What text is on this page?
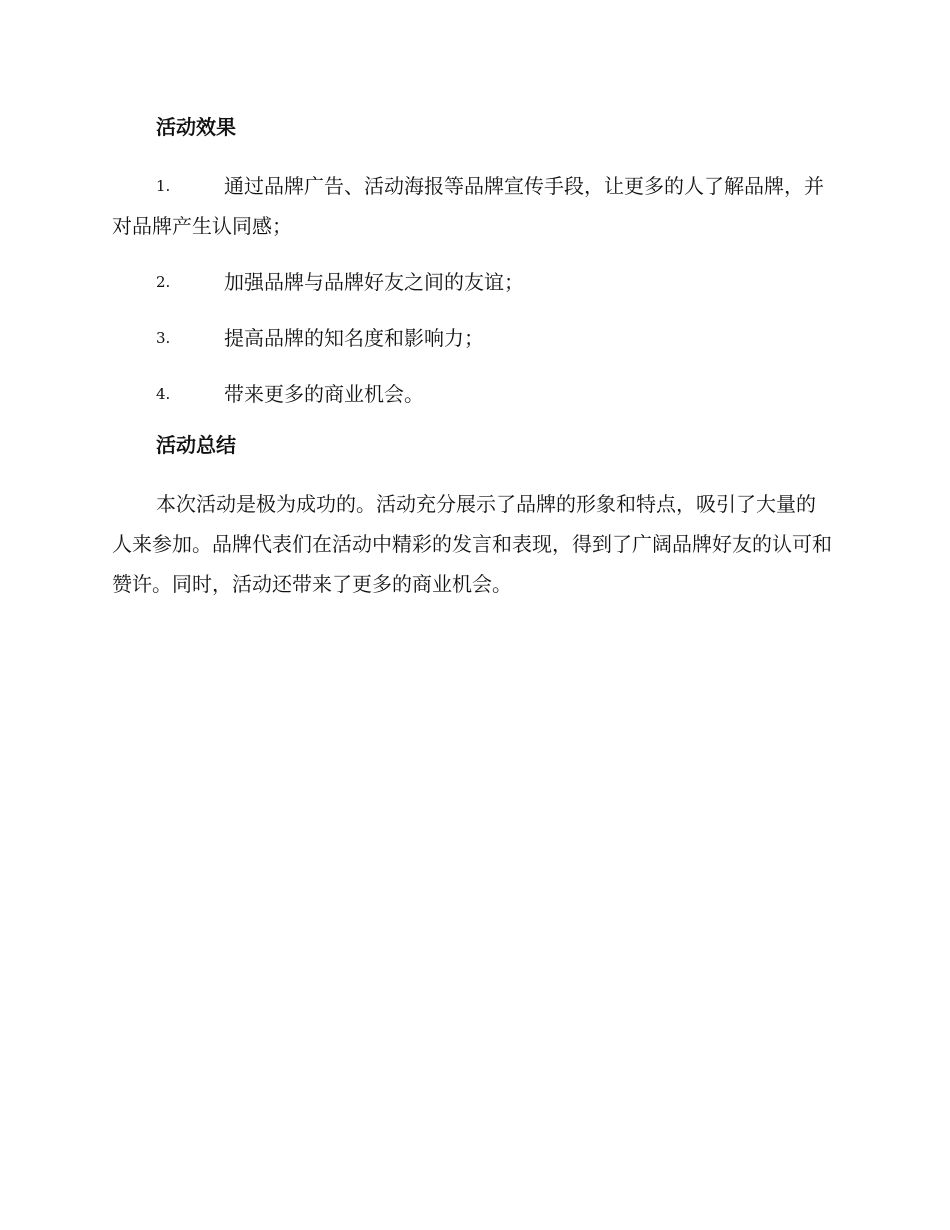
活动效果
1.	通过品牌广告、活动海报等品牌宣传手段，让更多的人了解品牌，并对品牌产生认同感；
2.	加强品牌与品牌好友之间的友谊；
3.	提高品牌的知名度和影响力；
4.	带来更多的商业机会。
活动总结

本次活动是极为成功的。活动充分展示了品牌的形象和特点，吸引了大量的人来参加。品牌代表们在活动中精彩的发言和表现，得到了广阔品牌好友的认可和赞许。同时，活动还带来了更多的商业机会。
